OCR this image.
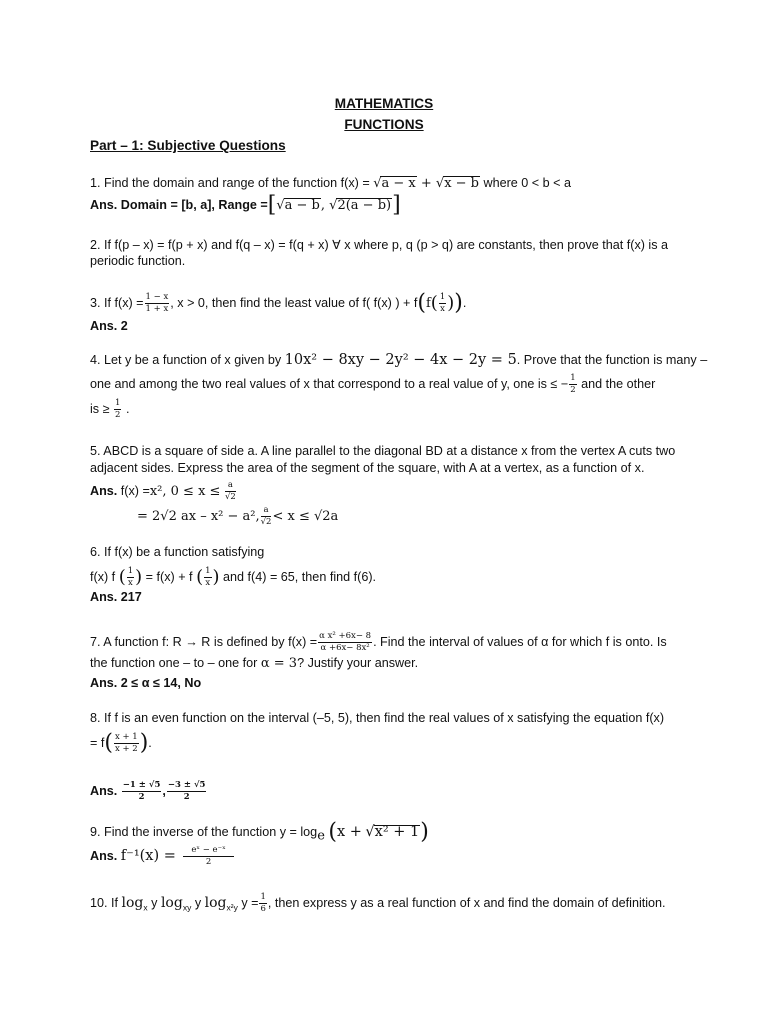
MATHEMATICS
FUNCTIONS
Part – 1: Subjective Questions
1. Find the domain and range of the function f(x) = √a − x + √x − b where 0 < b < a
Ans. Domain = [b, a], Range =[√a − b, √2(a − b)]
2. If f(p – x) = f(p + x) and f(q – x) = f(q + x) ∀ x where p, q (p > q) are constants, then prove that f(x) is a
periodic function.
3. If $f(x) = \frac{1 - x}{1 + x}$ , x > 0, then find the least value of f( f(x) ) + $f(f( \frac{1}{x}$ )).
Ans. 2
4. Let y be a function of x given by 10x² − 8xy − 2y² − 4x − 2y = 5. Prove that the function is many –
one and among the two real values of x that correspond to a real value of y, one is ≤ − $\frac{1}{2}$ and the other
is ≥ $\frac{1}{2}$ .
5. ABCD is a square of side a. A line parallel to the diagonal BD at a distance x from the vertex A cuts two
adjacent sides. Express the area of the segment of the square, with A at a vertex, as a function of x.
Ans. f(x) =x², $0 \le x \le \frac{a}{√2}$
= 2√2 ax – x² − a², $\frac{a}{√2} < x \le √2a$
6. If f(x) be a function satisfying
f(x) f ( $\frac{1}{x}$ ) = f(x) + f ( $\frac{1}{x}$ ) and f(4) = 65, then find f(6).
Ans. 217
7. A function f: R → R is defined by $f(x) = \frac{\text{α x² +6x− 8}}{\text{α +6x− 8x²}}$ . Find the interval of values of α for which f is onto. Is
the function one – to – one for α = 3? Justify your answer.
Ans. 2 ≤ α ≤ 14, No
8. If f is an even function on the interval (–5, 5), then find the real values of x satisfying the equation f(x)
= $f( \frac{x + 1}{x + 2}$ ).
Ans. $\frac{-1 \pm √5}{2}$ , $\frac{-3 \pm √5}{2}$
9. Find the inverse of the function $y = \log_e (x + √x^2 + 1)$
Ans. $f^{-1}(x) = \frac{\text{eˣ − e⁻ˣ}}{2}$
10. If $\log_x y$ $\log_{xy} y$ $\log_{x^2y} y = \frac{1}{6}$ , then express y as a real function of x and find the domain of definition.
